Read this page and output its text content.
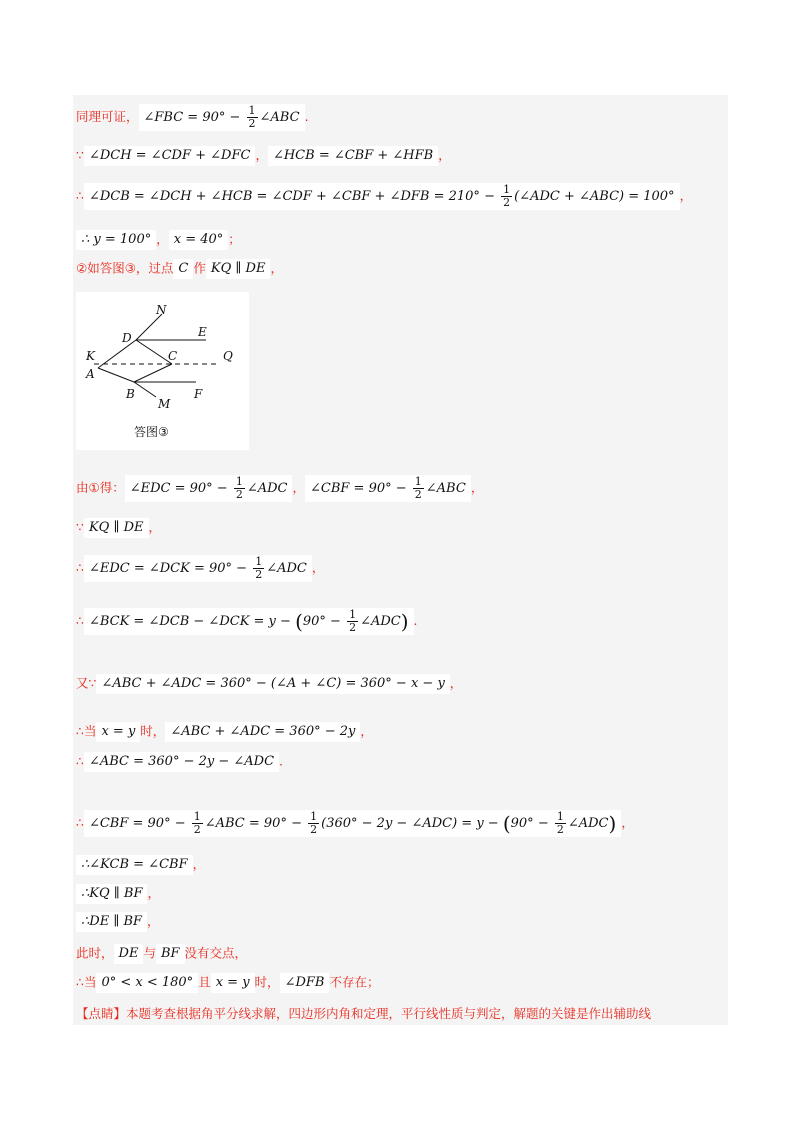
同理可证， ∠FBC = $90^\circ - \frac{1}{2}$ ∠ABC .
∵ ∠DCH = ∠CDF + ∠DFC ， ∠HCB = ∠CBF + ∠HFB ，
∴ ∠DCB = ∠DCH + ∠HCB = ∠CDF + ∠CBF + ∠DFB = $210^\circ - \frac{1}{2}$ (∠ADC + ∠ABC) = 100° ，
∴ y = 100° ， x = 40° ；
②如答图③，过点 C 作 KQ ∥ DE ，
N
D	E
K	C	Q
A
B
M
F
答图③
由①得： ∠EDC = $90^\circ - \frac{1}{2}$ ∠ADC ， ∠CBF = $90^\circ - \frac{1}{2}$ ∠ABC ，
∵ KQ ∥ DE ，
∴ ∠EDC = ∠DCK = $90^\circ - \frac{1}{2}$ ∠ADC ，
∴ ∠BCK = ∠DCB − ∠DCK = $y - (90^\circ - \frac{1}{2}$ ∠ADC) .
又∵ ∠ABC + ∠ADC = 360° − (∠A + ∠C) = 360° − x − y ，
∴当 x = y 时， ∠ABC + ∠ADC = 360° − 2y ，
∴ ∠ABC = 360° − 2y − ∠ADC .
∴ ∠CBF = $90^\circ - \frac{1}{2}$ ∠ABC = $90^\circ - \frac{1}{2} (360^\circ - 2y$ − ∠ADC) = $y - (90^\circ - \frac{1}{2}$ ∠ADC) ，
∴∠KCB = ∠CBF ，
∴KQ ∥ BF ，
∴DE ∥ BF ，
此时， DE 与 BF 没有交点，
∴当 0° < x < 180° 且 x = y 时， ∠DFB 不存在；
【点睛】本题考查根据角平分线求解，四边形内角和定理，平行线性质与判定，解题的关键是作出辅助线
